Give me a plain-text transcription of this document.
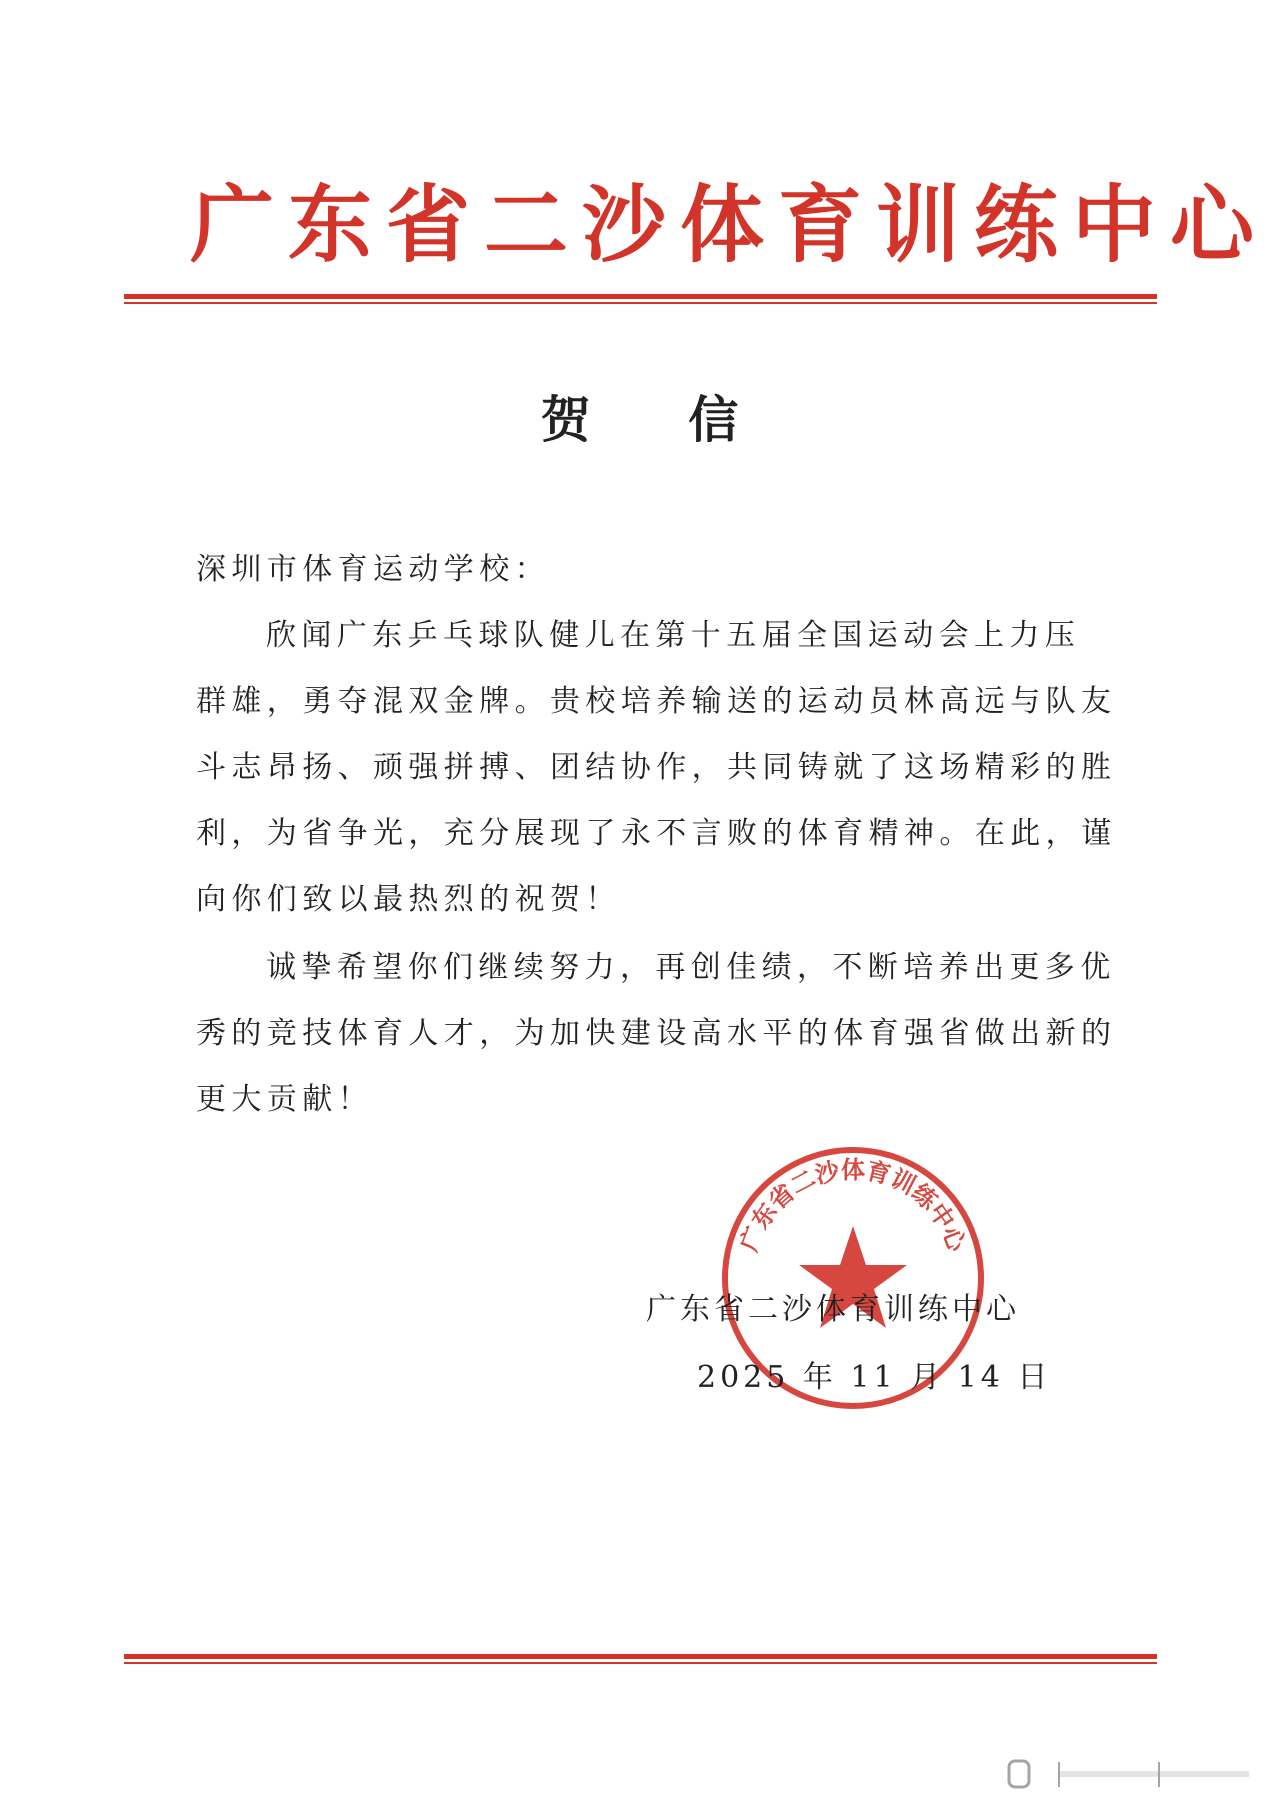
广东省二沙体育训练中心
贺 信
深圳市体育运动学校：
欣闻广东乒乓球队健儿在第十五届全国运动会上力压
群雄，勇夺混双金牌。贵校培养输送的运动员林高远与队友
斗志昂扬、顽强拼搏、团结协作，共同铸就了这场精彩的胜
利，为省争光，充分展现了永不言败的体育精神。在此，谨
向你们致以最热烈的祝贺！
诚挚希望你们继续努力，再创佳绩，不断培养出更多优
秀的竞技体育人才，为加快建设高水平的体育强省做出新的
更大贡献！
广东省二沙体育训练中心
广东省二沙体育训练中心
2025 年 11 月 14 日
